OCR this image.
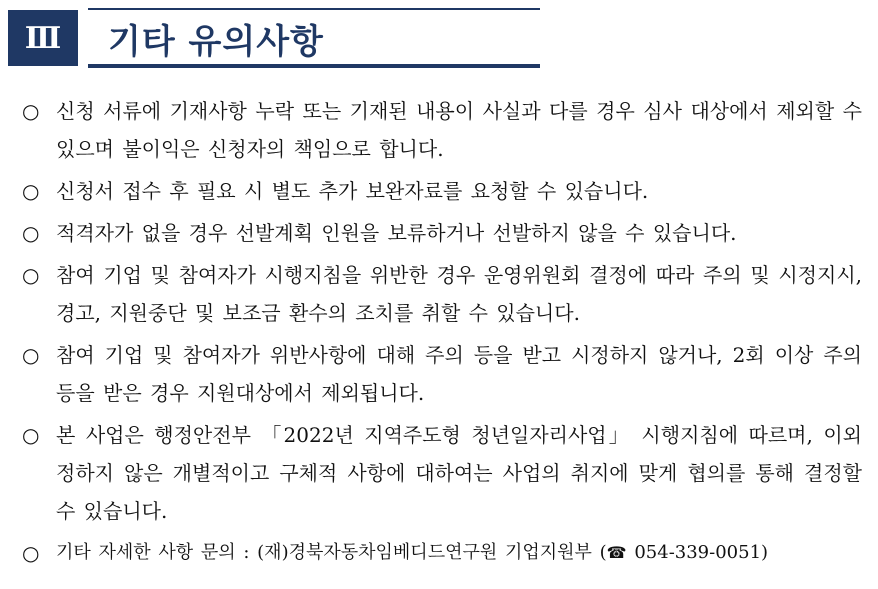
Ⅲ	기타 유의사항
○ 신청 서류에 기재사항 누락 또는 기재된 내용이 사실과 다를 경우 심사 대상에서 제외할 수 있으며 불이익은 신청자의 책임으로 합니다.
○ 신청서 접수 후 필요 시 별도 추가 보완자료를 요청할 수 있습니다.
○ 적격자가 없을 경우 선발계획 인원을 보류하거나 선발하지 않을 수 있습니다.
○ 참여 기업 및 참여자가 시행지침을 위반한 경우 운영위원회 결정에 따라 주의 및 시정지시, 경고, 지원중단 및 보조금 환수의 조치를 취할 수 있습니다.
○ 참여 기업 및 참여자가 위반사항에 대해 주의 등을 받고 시정하지 않거나, 2회 이상 주의 등을 받은 경우 지원대상에서 제외됩니다.
○ 본 사업은 행정안전부 「2022년 지역주도형 청년일자리사업」 시행지침에 따르며, 이외 정하지 않은 개별적이고 구체적 사항에 대하여는 사업의 취지에 맞게 협의를 통해 결정할 수 있습니다.
○ 기타 자세한 사항 문의 : (재)경북자동차임베디드연구원 기업지원부 (☎ 054-339-0051)
